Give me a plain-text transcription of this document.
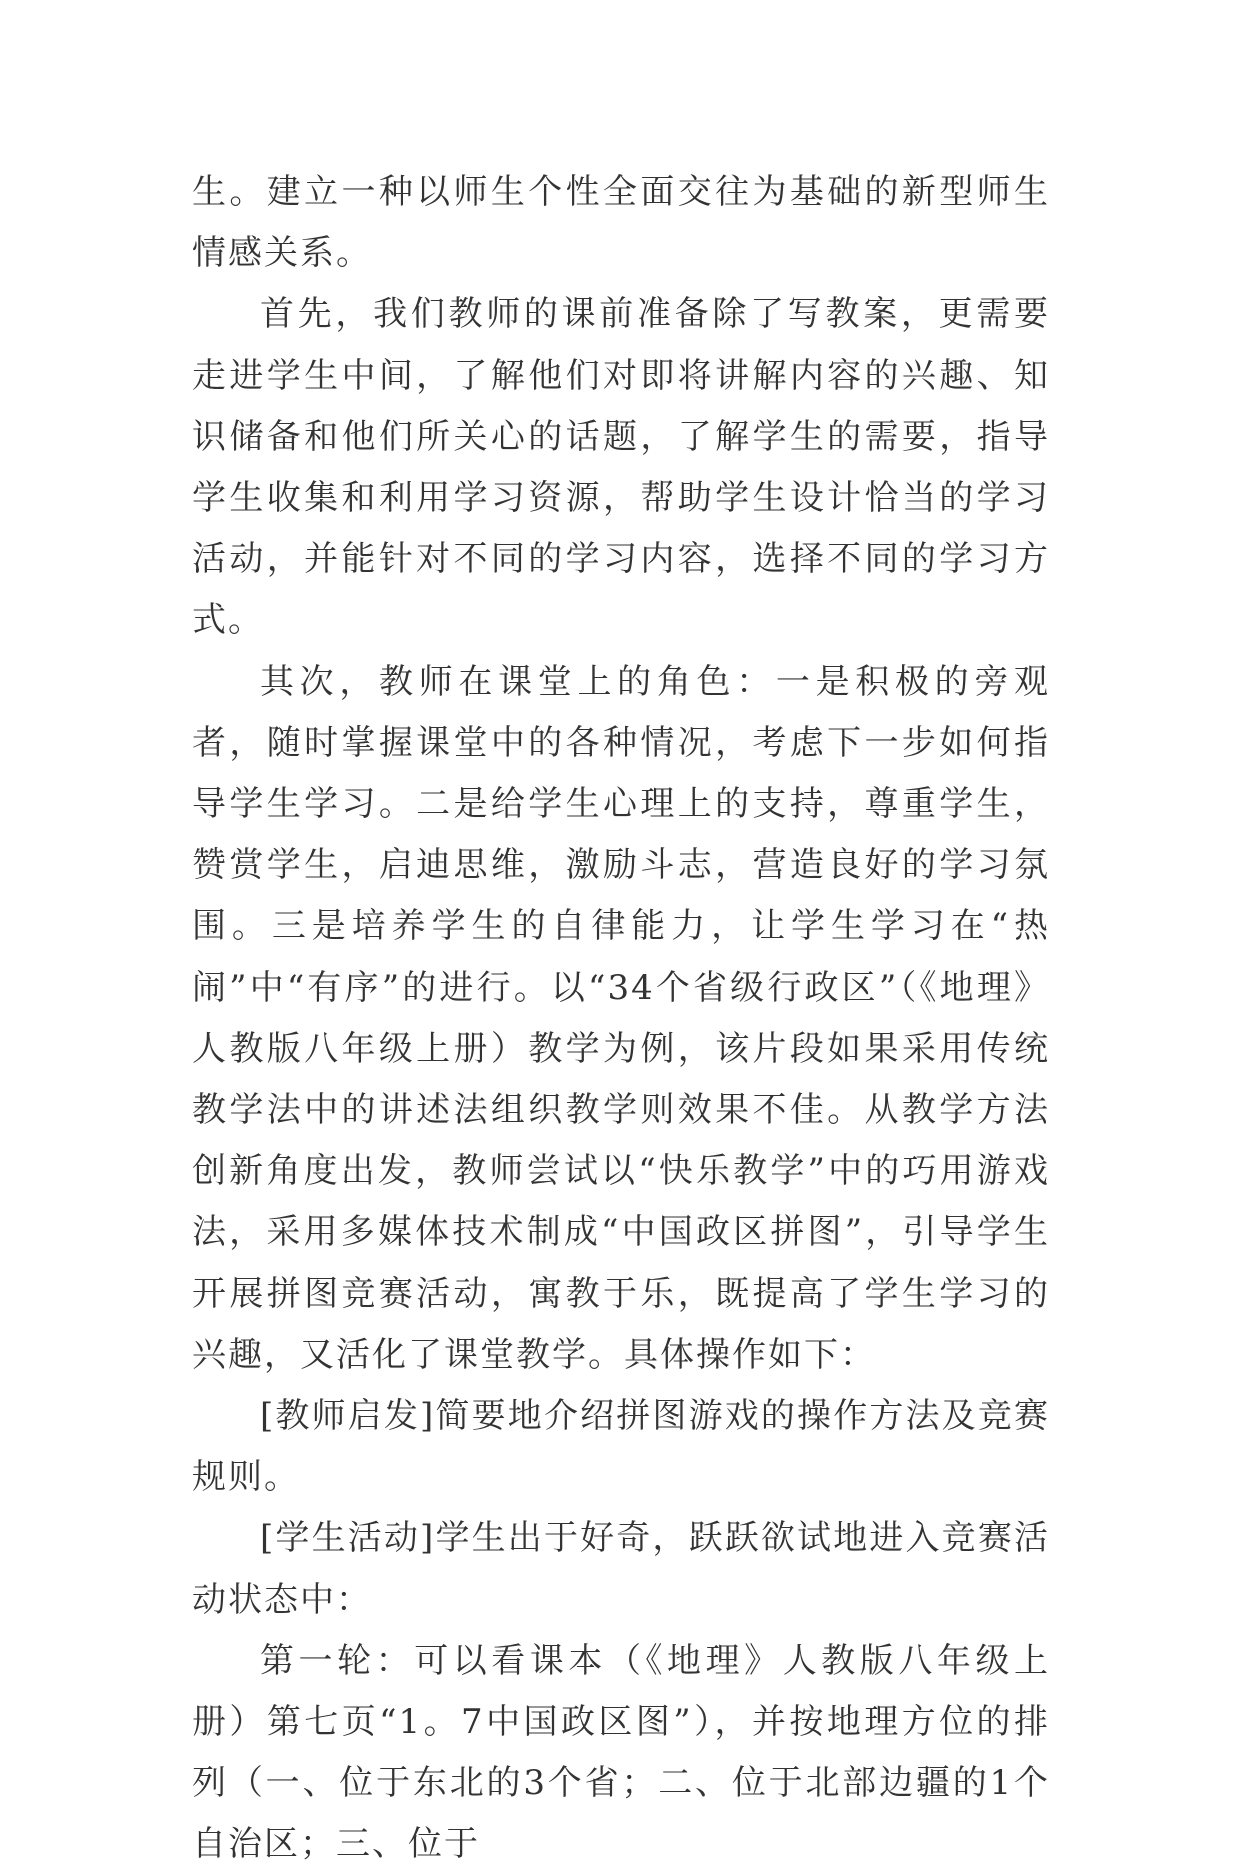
生。建立一种以师生个性全面交往为基础的新型师生情感关系。

首先，我们教师的课前准备除了写教案，更需要走进学生中间，了解他们对即将讲解内容的兴趣、知识储备和他们所关心的话题，了解学生的需要，指导学生收集和利用学习资源，帮助学生设计恰当的学习活动，并能针对不同的学习内容，选择不同的学习方式。

其次，教师在课堂上的角色：一是积极的旁观者，随时掌握课堂中的各种情况，考虑下一步如何指导学生学习。二是给学生心理上的支持，尊重学生，赞赏学生，启迪思维，激励斗志，营造良好的学习氛围。三是培养学生的自律能力，让学生学习在“热闹”中“有序”的进行。以“34个省级行政区”（《地理》人教版八年级上册）教学为例，该片段如果采用传统教学法中的讲述法组织教学则效果不佳。从教学方法创新角度出发，教师尝试以“快乐教学”中的巧用游戏法，采用多媒体技术制成“中国政区拼图”，引导学生开展拼图竞赛活动，寓教于乐，既提高了学生学习的兴趣，又活化了课堂教学。具体操作如下：

[教师启发]简要地介绍拼图游戏的操作方法及竞赛规则。

[学生活动]学生出于好奇，跃跃欲试地进入竞赛活动状态中：

第一轮：可以看课本（《地理》人教版八年级上册）第七页“1。7中国政区图”），并按地理方位的排列（一、位于东北的3个省；二、位于北部边疆的1个自治区；三、位于
